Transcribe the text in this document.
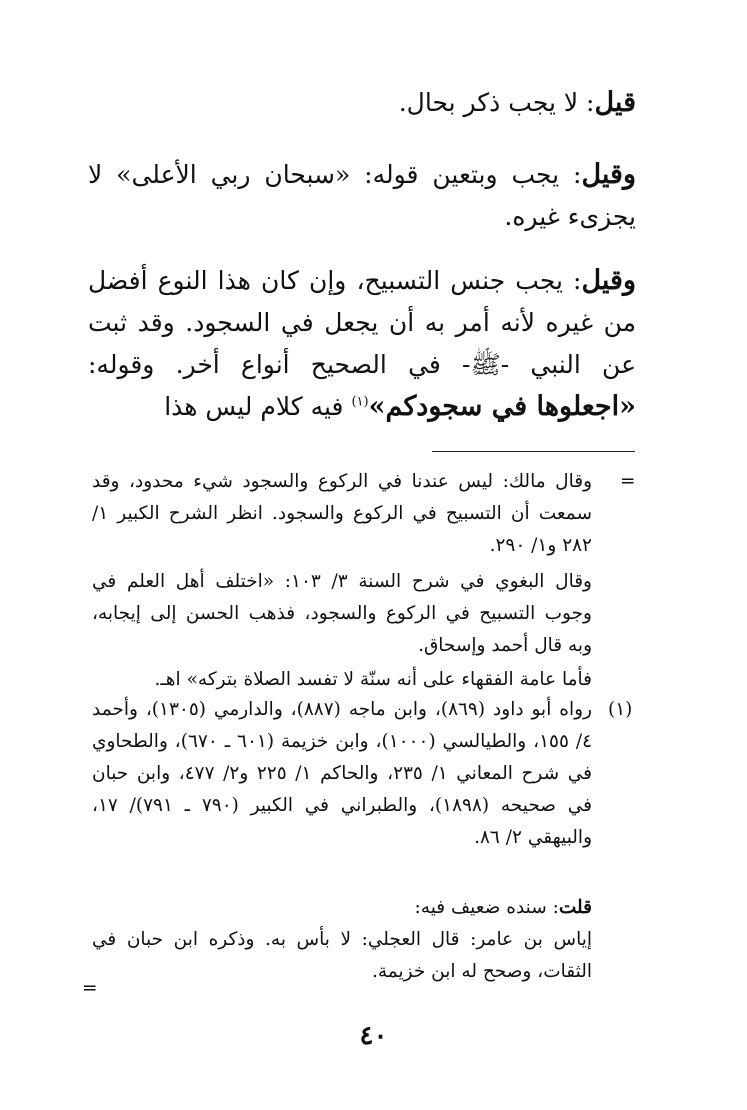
قيل: لا يجب ذكر بحال.
وقيل: يجب وبتعين قوله: «سبحان ربي الأعلى» لا يجزىء غيره.
وقيل: يجب جنس التسبيح، وإن كان هذا النوع أفضل من غيره لأنه أمر به أن يجعل في السجود. وقد ثبت عن النبي -ﷺ- في الصحيح أنواع أخر. وقوله: «اجعلوها في سجودكم»$^{(١)}$ فيه كلام ليس هذا
=
وقال مالك: ليس عندنا في الركوع والسجود شيء محدود، وقد سمعت أن التسبيح في الركوع والسجود. انظر الشرح الكبير ١/ ٢٨٢ و١/ ٢٩٠.
وقال البغوي في شرح السنة ٣/ ١٠٣: «اختلف أهل العلم في وجوب التسبيح في الركوع والسجود، فذهب الحسن إلى إيجابه، وبه قال أحمد وإسحاق.
فأما عامة الفقهاء على أنه سنّة لا تفسد الصلاة بتركه» اهـ.
(١)
رواه أبو داود (٨٦٩)، وابن ماجه (٨٨٧)، والدارمي (١٣٠٥)، وأحمد ٤/ ١٥٥، والطيالسي (١٠٠٠)، وابن خزيمة (٦٠١ ـ ٦٧٠)، والطحاوي في شرح المعاني ١/ ٢٣٥، والحاكم ١/ ٢٢٥ و٢/ ٤٧٧، وابن حبان في صحيحه (١٨٩٨)، والطبراني في الكبير (٧٩٠ ـ ٧٩١)/ ١٧، والبيهقي ٢/ ٨٦.
قلت: سنده ضعيف فيه:
إياس بن عامر: قال العجلي: لا بأس به. وذكره ابن حبان في الثقات، وصحح له ابن خزيمة.
=
٤٠
